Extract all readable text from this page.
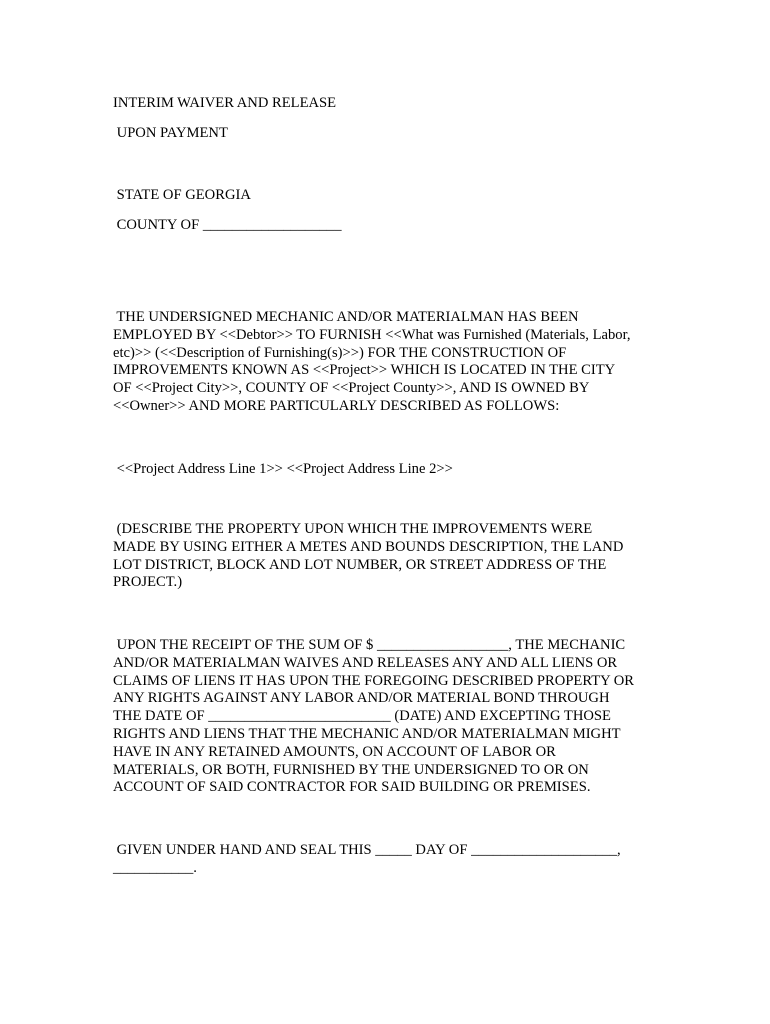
INTERIM WAIVER AND RELEASE

UPON PAYMENT

STATE OF GEORGIA

COUNTY OF ___________________

THE UNDERSIGNED MECHANIC AND/OR MATERIALMAN HAS BEEN
EMPLOYED BY <<Debtor>> TO FURNISH <<What was Furnished (Materials, Labor,
etc)>> (<<Description of Furnishing(s)>>) FOR THE CONSTRUCTION OF
IMPROVEMENTS KNOWN AS <<Project>> WHICH IS LOCATED IN THE CITY
OF <<Project City>>, COUNTY OF <<Project County>>, AND IS OWNED BY
<<Owner>> AND MORE PARTICULARLY DESCRIBED AS FOLLOWS:

<<Project Address Line 1>> <<Project Address Line 2>>

(DESCRIBE THE PROPERTY UPON WHICH THE IMPROVEMENTS WERE
MADE BY USING EITHER A METES AND BOUNDS DESCRIPTION, THE LAND
LOT DISTRICT, BLOCK AND LOT NUMBER, OR STREET ADDRESS OF THE
PROJECT.)
UPON THE RECEIPT OF THE SUM OF $ __________________, THE MECHANIC
AND/OR MATERIALMAN WAIVES AND RELEASES ANY AND ALL LIENS OR
CLAIMS OF LIENS IT HAS UPON THE FOREGOING DESCRIBED PROPERTY OR
ANY RIGHTS AGAINST ANY LABOR AND/OR MATERIAL BOND THROUGH
THE DATE OF _________________________ (DATE) AND EXCEPTING THOSE
RIGHTS AND LIENS THAT THE MECHANIC AND/OR MATERIALMAN MIGHT
HAVE IN ANY RETAINED AMOUNTS, ON ACCOUNT OF LABOR OR
MATERIALS, OR BOTH, FURNISHED BY THE UNDERSIGNED TO OR ON
ACCOUNT OF SAID CONTRACTOR FOR SAID BUILDING OR PREMISES.
GIVEN UNDER HAND AND SEAL THIS _____ DAY OF ____________________,
___________.
